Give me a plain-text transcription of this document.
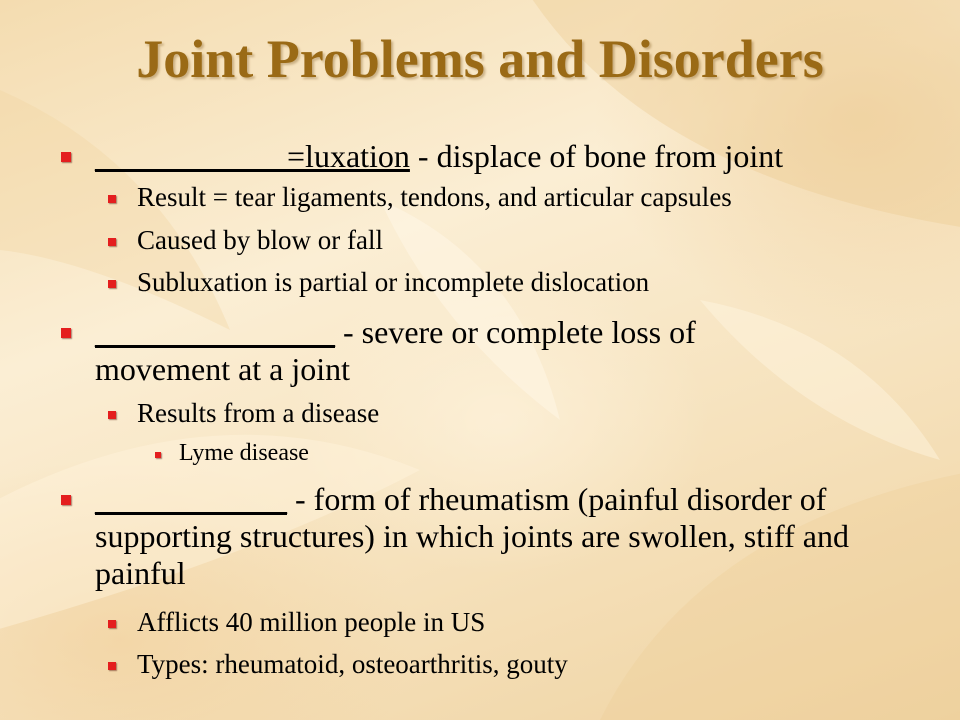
Joint Problems and Disorders
____________=luxation - displace of bone from joint
Result = tear ligaments, tendons, and articular capsules
Caused by blow or fall
Subluxation is partial or incomplete dislocation
_______________ - severe or complete loss of movement at a joint
Results from a disease
Lyme disease
____________ - form of rheumatism (painful disorder of supporting structures) in which joints are swollen, stiff and painful
Afflicts 40 million people in US
Types: rheumatoid, osteoarthritis, gouty
